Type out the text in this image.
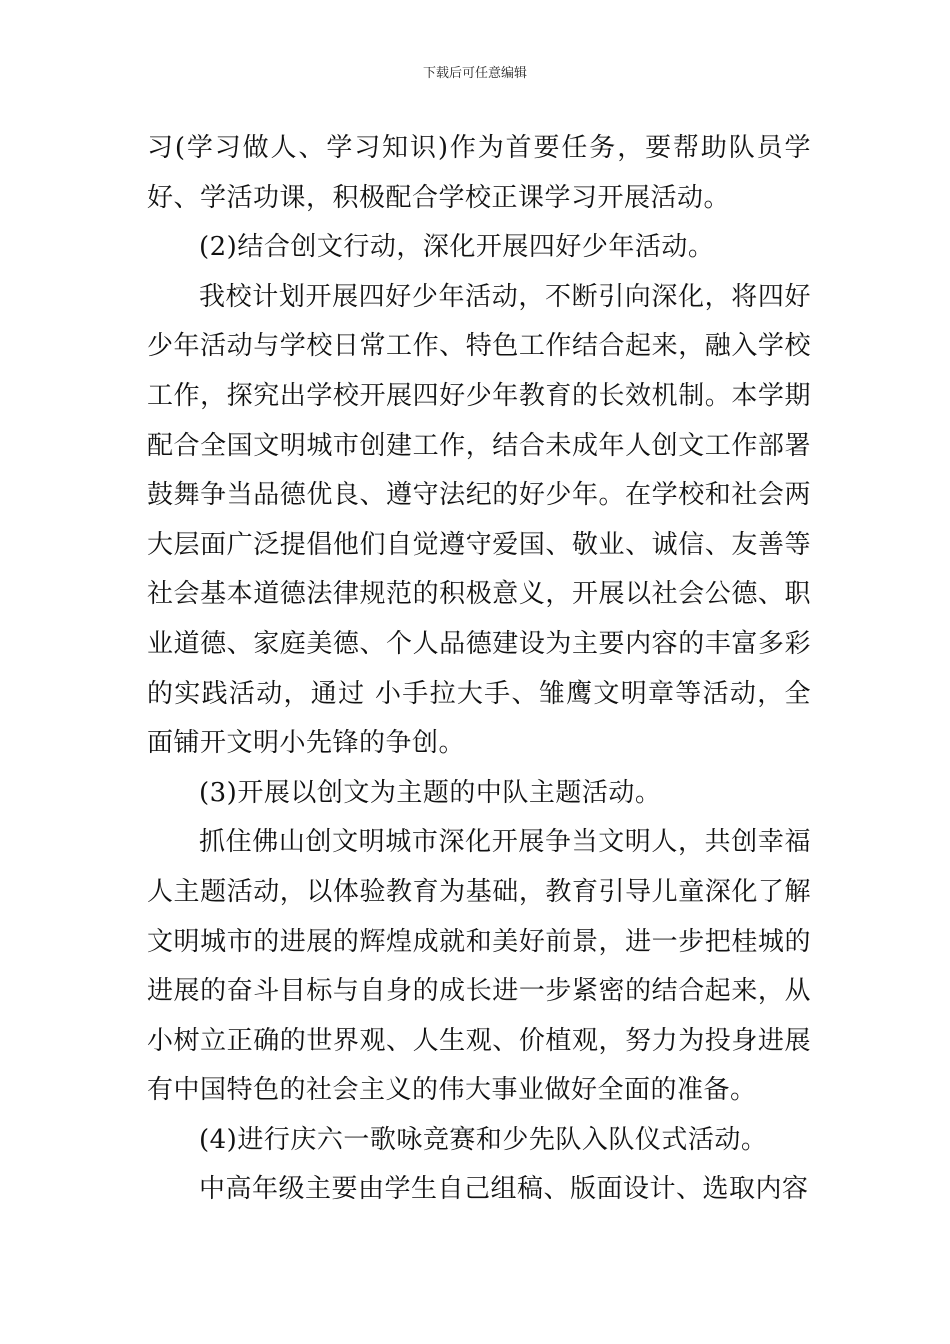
下载后可任意编辑

习(学习做人、学习知识)作为首要任务，要帮助队员学好、学活功课，积极配合学校正课学习开展活动。

(2)结合创文行动，深化开展四好少年活动。

我校计划开展四好少年活动，不断引向深化，将四好少年活动与学校日常工作、特色工作结合起来，融入学校工作，探究出学校开展四好少年教育的长效机制。本学期配合全国文明城市创建工作，结合未成年人创文工作部署鼓舞争当品德优良、遵守法纪的好少年。在学校和社会两大层面广泛提倡他们自觉遵守爱国、敬业、诚信、友善等社会基本道德法律规范的积极意义，开展以社会公德、职业道德、家庭美德、个人品德建设为主要内容的丰富多彩的实践活动，通过 小手拉大手、雏鹰文明章等活动，全面铺开文明小先锋的争创。

(3)开展以创文为主题的中队主题活动。

抓住佛山创文明城市深化开展争当文明人，共创幸福人主题活动，以体验教育为基础，教育引导儿童深化了解文明城市的进展的辉煌成就和美好前景，进一步把桂城的进展的奋斗目标与自身的成长进一步紧密的结合起来，从小树立正确的世界观、人生观、价植观，努力为投身进展有中国特色的社会主义的伟大事业做好全面的准备。

(4)进行庆六一歌咏竞赛和少先队入队仪式活动。

中高年级主要由学生自己组稿、版面设计、选取内容
